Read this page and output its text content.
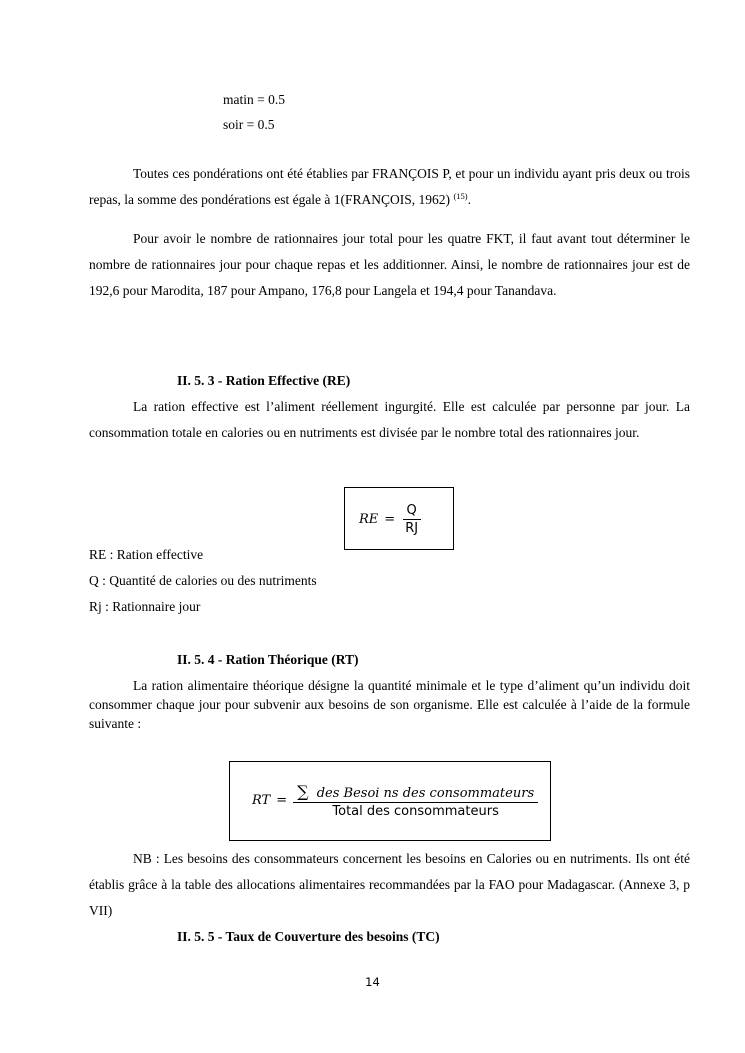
matin = 0.5
soir = 0.5
Toutes ces pondérations ont été établies par FRANÇOIS P, et pour un individu ayant pris deux ou trois repas, la somme des pondérations est égale à 1(FRANÇOIS, 1962) $^{(15)}$.
Pour avoir le nombre de rationnaires jour total pour les quatre FKT, il faut avant tout déterminer le nombre de rationnaires jour pour chaque repas et les additionner. Ainsi, le nombre de rationnaires jour est de 192,6 pour Marodita, 187 pour Ampano, 176,8 pour Langela et 194,4 pour Tanandava.
II. 5. 3 - Ration Effective (RE)
La ration effective est l’aliment réellement ingurgité. Elle est calculée par personne par jour. La consommation totale en calories ou en nutriments est divisée par le nombre total des rationnaires jour.
RE = $\frac{Q}{RJ}$
RE : Ration effective
Q : Quantité de calories ou des nutriments
Rj : Rationnaire jour
II. 5. 4 - Ration Théorique (RT)
La ration alimentaire théorique désigne la quantité minimale et le type d’aliment qu’un individu doit consommer chaque jour pour subvenir aux besoins de son organisme. Elle est calculée à l’aide de la formule suivante :
RT = $\frac{\text{∑ des Besoi ns des consommateurs}}{\text{Total des consommateurs}}$
NB : Les besoins des consommateurs concernent les besoins en Calories ou en nutriments. Ils ont été établis grâce à la table des allocations alimentaires recommandées par la FAO pour Madagascar. (Annexe 3, p VII)
II. 5. 5 - Taux de Couverture des besoins (TC)
14
